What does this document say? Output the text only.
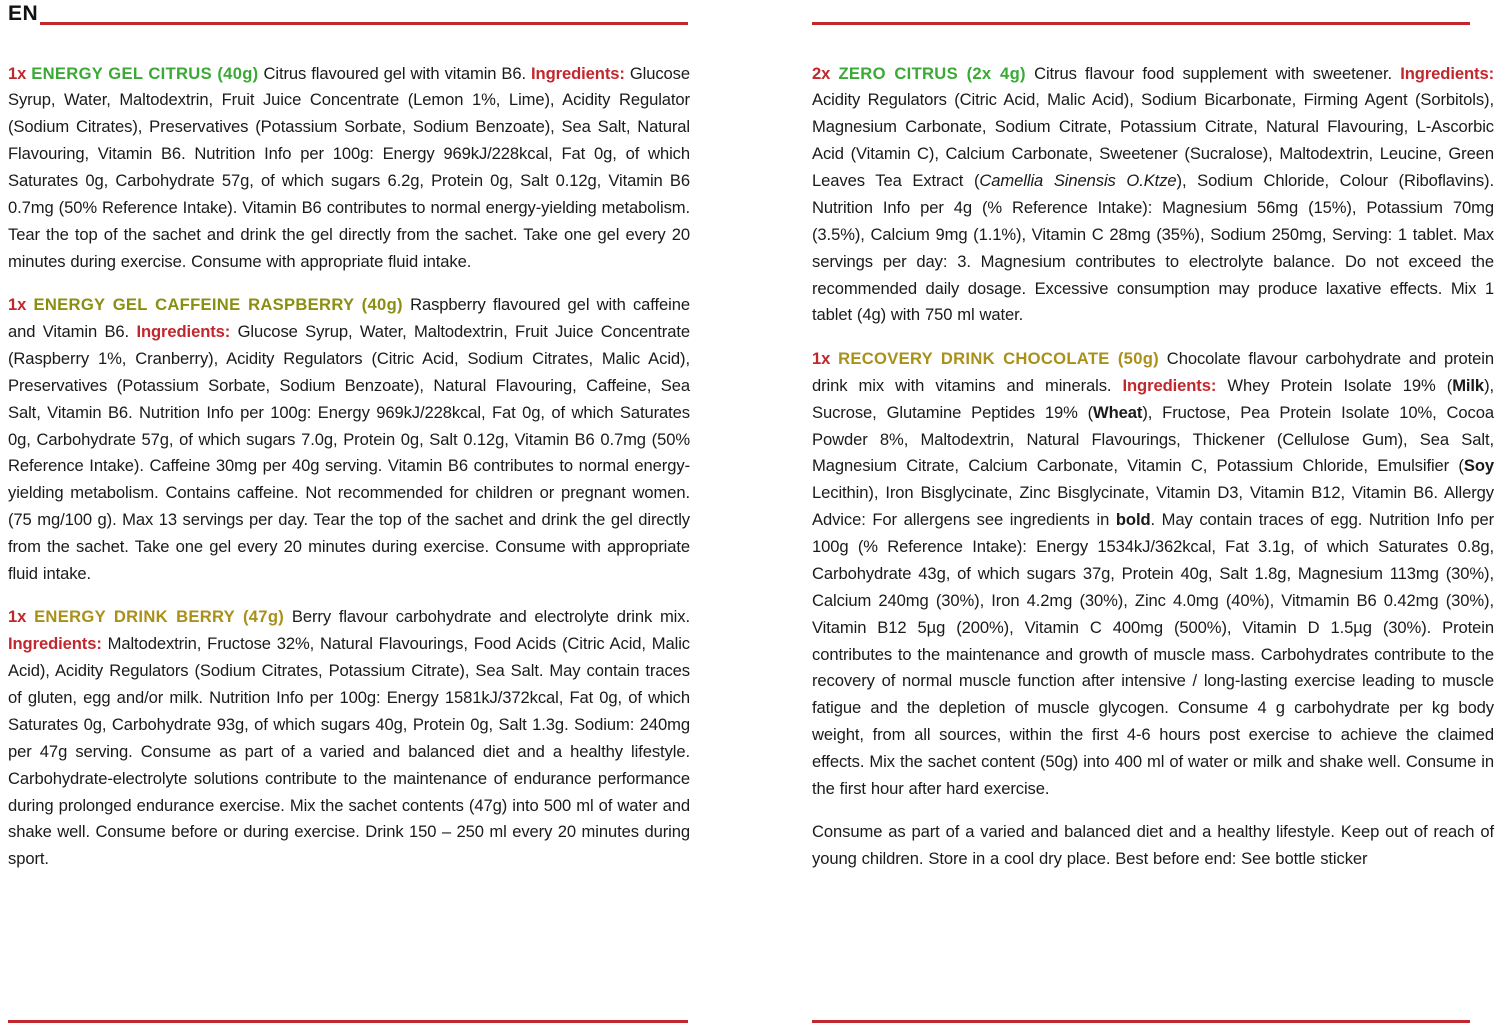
EN

1x ENERGY GEL CITRUS (40g) Citrus flavoured gel with vitamin B6. Ingredients: Glucose Syrup, Water, Maltodextrin, Fruit Juice Concentrate (Lemon 1%, Lime), Acidity Regulator (Sodium Citrates), Preservatives (Potassium Sorbate, Sodium Benzoate), Sea Salt, Natural Flavouring, Vitamin B6. Nutrition Info per 100g: Energy 969kJ/228kcal, Fat 0g, of which Saturates 0g, Carbohydrate 57g, of which sugars 6.2g, Protein 0g, Salt 0.12g, Vitamin B6 0.7mg (50% Reference Intake). Vitamin B6 contributes to normal energy-yielding metabolism. Tear the top of the sachet and drink the gel directly from the sachet. Take one gel every 20 minutes during exercise. Consume with appropriate fluid intake.

1x ENERGY GEL CAFFEINE RASPBERRY (40g) Raspberry flavoured gel with caffeine and Vitamin B6. Ingredients: Glucose Syrup, Water, Maltodextrin, Fruit Juice Concentrate (Raspberry 1%, Cranberry), Acidity Regulators (Citric Acid, Sodium Citrates, Malic Acid), Preservatives (Potassium Sorbate, Sodium Benzoate), Natural Flavouring, Caffeine, Sea Salt, Vitamin B6. Nutrition Info per 100g: Energy 969kJ/228kcal, Fat 0g, of which Saturates 0g, Carbohydrate 57g, of which sugars 7.0g, Protein 0g, Salt 0.12g, Vitamin B6 0.7mg (50% Reference Intake). Caffeine 30mg per 40g serving. Vitamin B6 contributes to normal energy-yielding metabolism. Contains caffeine. Not recommended for children or pregnant women. (75 mg/100 g). Max 13 servings per day. Tear the top of the sachet and drink the gel directly from the sachet. Take one gel every 20 minutes during exercise. Consume with appropriate fluid intake.

1x ENERGY DRINK BERRY (47g) Berry flavour carbohydrate and electrolyte drink mix. Ingredients: Maltodextrin, Fructose 32%, Natural Flavourings, Food Acids (Citric Acid, Malic Acid), Acidity Regulators (Sodium Citrates, Potassium Citrate), Sea Salt. May contain traces of gluten, egg and/or milk. Nutrition Info per 100g: Energy 1581kJ/372kcal, Fat 0g, of which Saturates 0g, Carbohydrate 93g, of which sugars 40g, Protein 0g, Salt 1.3g. Sodium: 240mg per 47g serving. Consume as part of a varied and balanced diet and a healthy lifestyle. Carbohydrate-electrolyte solutions contribute to the maintenance of endurance performance during prolonged endurance exercise. Mix the sachet contents (47g) into 500 ml of water and shake well. Consume before or during exercise. Drink 150 – 250 ml every 20 minutes during sport.

2x ZERO CITRUS (2x 4g) Citrus flavour food supplement with sweetener. Ingredients: Acidity Regulators (Citric Acid, Malic Acid), Sodium Bicarbonate, Firming Agent (Sorbitols), Magnesium Carbonate, Sodium Citrate, Potassium Citrate, Natural Flavouring, L-Ascorbic Acid (Vitamin C), Calcium Carbonate, Sweetener (Sucralose), Maltodextrin, Leucine, Green Leaves Tea Extract (Camellia Sinensis O.Ktze), Sodium Chloride, Colour (Riboflavins). Nutrition Info per 4g (% Reference Intake): Magnesium 56mg (15%), Potassium 70mg (3.5%), Calcium 9mg (1.1%), Vitamin C 28mg (35%), Sodium 250mg, Serving: 1 tablet. Max servings per day: 3. Magnesium contributes to electrolyte balance. Do not exceed the recommended daily dosage. Excessive consumption may produce laxative effects. Mix 1 tablet (4g) with 750 ml water.

1x RECOVERY DRINK CHOCOLATE (50g) Chocolate flavour carbohydrate and protein drink mix with vitamins and minerals. Ingredients: Whey Protein Isolate 19% (Milk), Sucrose, Glutamine Peptides 19% (Wheat), Fructose, Pea Protein Isolate 10%, Cocoa Powder 8%, Maltodextrin, Natural Flavourings, Thickener (Cellulose Gum), Sea Salt, Magnesium Citrate, Calcium Carbonate, Vitamin C, Potassium Chloride, Emulsifier (Soy Lecithin), Iron Bisglycinate, Zinc Bisglycinate, Vitamin D3, Vitamin B12, Vitamin B6. Allergy Advice: For allergens see ingredients in bold. May contain traces of egg. Nutrition Info per 100g (% Reference Intake): Energy 1534kJ/362kcal, Fat 3.1g, of which Saturates 0.8g, Carbohydrate 43g, of which sugars 37g, Protein 40g, Salt 1.8g, Magnesium 113mg (30%), Calcium 240mg (30%), Iron 4.2mg (30%), Zinc 4.0mg (40%), Vitmamin B6 0.42mg (30%), Vitamin B12 5µg (200%), Vitamin C 400mg (500%), Vitamin D 1.5µg (30%). Protein contributes to the maintenance and growth of muscle mass. Carbohydrates contribute to the recovery of normal muscle function after intensive / long-lasting exercise leading to muscle fatigue and the depletion of muscle glycogen. Consume 4 g carbohydrate per kg body weight, from all sources, within the first 4-6 hours post exercise to achieve the claimed effects. Mix the sachet content (50g) into 400 ml of water or milk and shake well. Consume in the first hour after hard exercise.

Consume as part of a varied and balanced diet and a healthy lifestyle. Keep out of reach of young children. Store in a cool dry place. Best before end: See bottle sticker
